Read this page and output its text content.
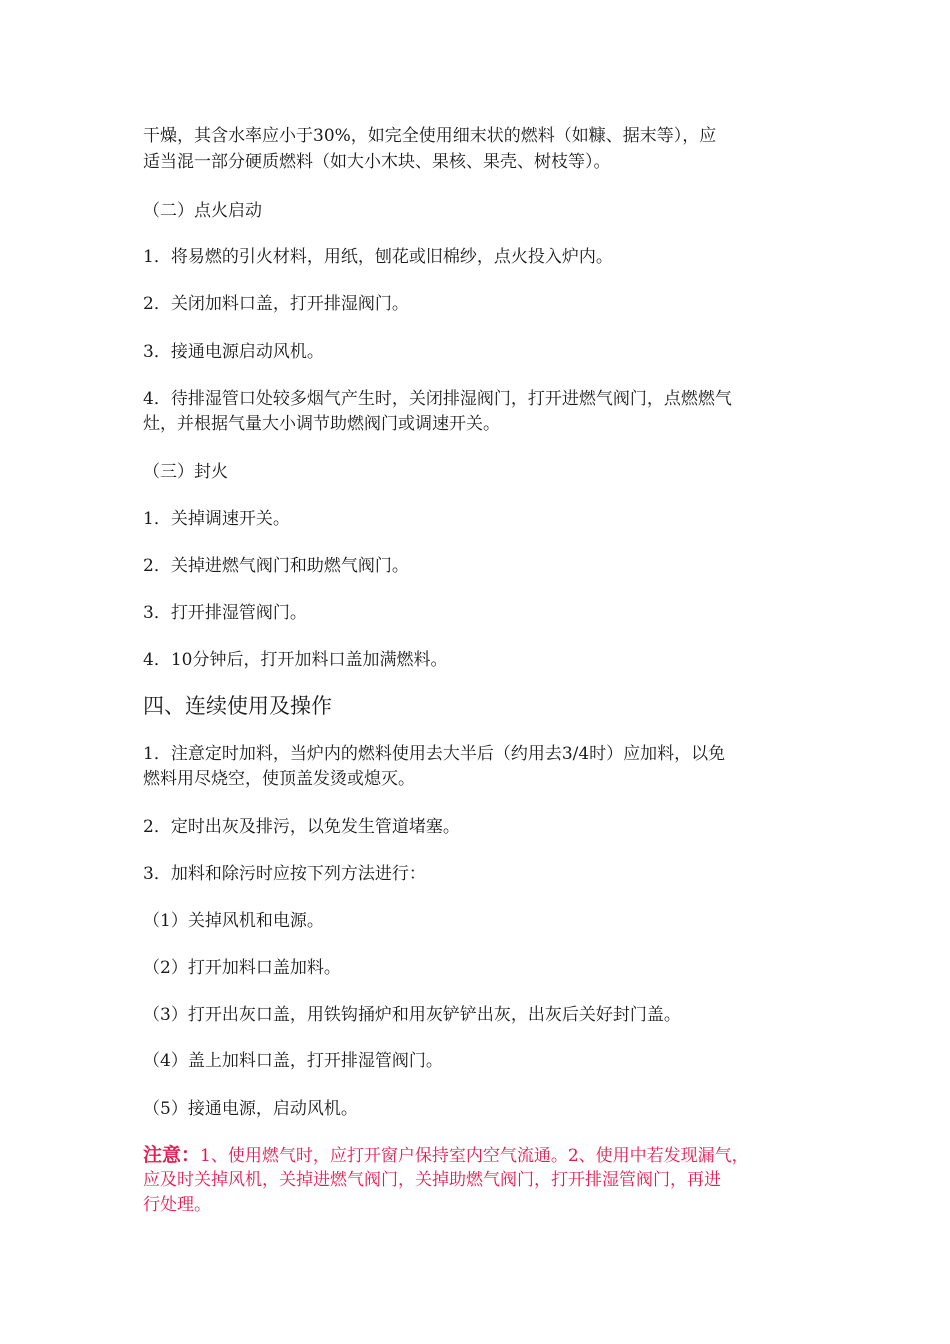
干燥，其含水率应小于30%，如完全使用细末状的燃料（如糠、据末等），应
适当混一部分硬质燃料（如大小木块、果核、果壳、树枝等）。
（二）点火启动
1．将易燃的引火材料，用纸，刨花或旧棉纱，点火投入炉内。
2．关闭加料口盖，打开排湿阀门。
3．接通电源启动风机。
4．待排湿管口处较多烟气产生时，关闭排湿阀门，打开进燃气阀门，点燃燃气
灶，并根据气量大小调节助燃阀门或调速开关。
（三）封火
1．关掉调速开关。
2．关掉进燃气阀门和助燃气阀门。
3．打开排湿管阀门。
4．10分钟后，打开加料口盖加满燃料。
四、连续使用及操作
1．注意定时加料，当炉内的燃料使用去大半后（约用去3/4时）应加料，以免
燃料用尽烧空，使顶盖发烫或熄灭。
2．定时出灰及排污，以免发生管道堵塞。
3．加料和除污时应按下列方法进行：
（1）关掉风机和电源。
（2）打开加料口盖加料。
（3）打开出灰口盖，用铁钩捅炉和用灰铲铲出灰，出灰后关好封门盖。
（4）盖上加料口盖，打开排湿管阀门。
（5）接通电源，启动风机。
注意：1、使用燃气时，应打开窗户保持室内空气流通。2、使用中若发现漏气，
应及时关掉风机，关掉进燃气阀门，关掉助燃气阀门，打开排湿管阀门，再进
行处理。
